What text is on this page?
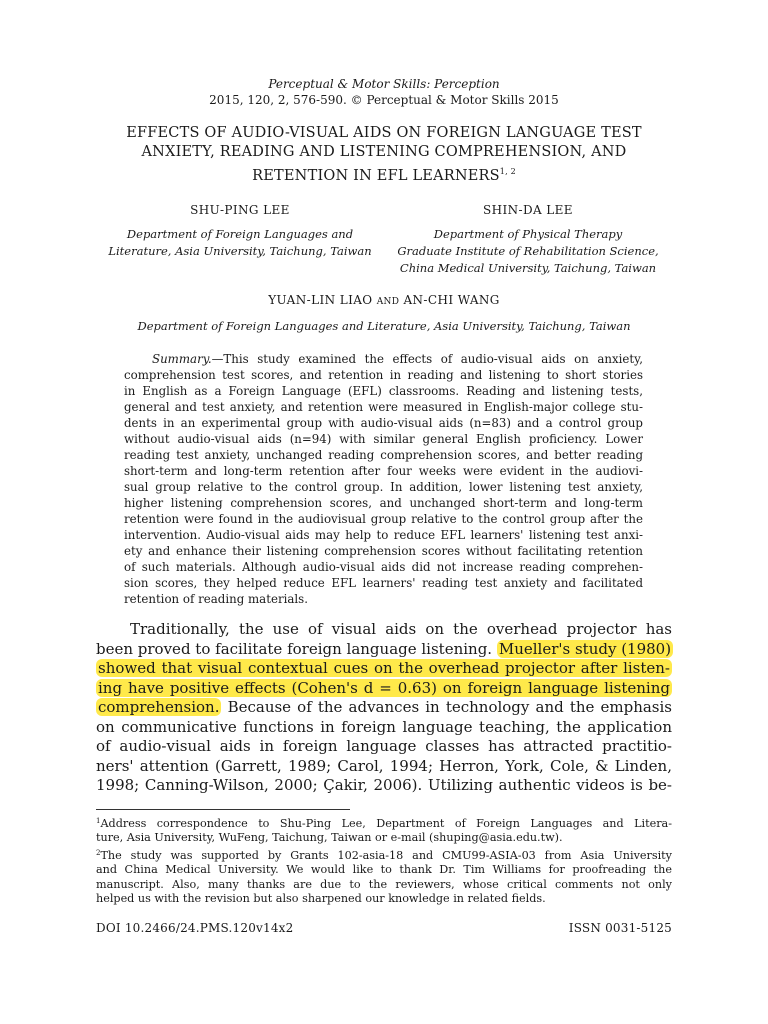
Perceptual & Motor Skills: Perception
2015, 120, 2, 576-590. © Perceptual & Motor Skills 2015
EFFECTS OF AUDIO-VISUAL AIDS ON FOREIGN LANGUAGE TEST
ANXIETY, READING AND LISTENING COMPREHENSION, AND
RETENTION IN EFL LEARNERS$^{1, 2}$
SHU-PING LEE
Department of Foreign Languages and
Literature, Asia University, Taichung, Taiwan
SHIN-DA LEE
Department of Physical Therapy
Graduate Institute of Rehabilitation Science,
China Medical University, Taichung, Taiwan
YUAN-LIN LIAO AND AN-CHI WANG
Department of Foreign Languages and Literature, Asia University, Taichung, Taiwan
Summary.—This study examined the effects of audio-visual aids on anxiety,
comprehension test scores, and retention in reading and listening to short stories
in English as a Foreign Language (EFL) classrooms. Reading and listening tests,
general and test anxiety, and retention were measured in English-major college stu-
dents in an experimental group with audio-visual aids (n=83) and a control group
without audio-visual aids (n=94) with similar general English proficiency. Lower
reading test anxiety, unchanged reading comprehension scores, and better reading
short-term and long-term retention after four weeks were evident in the audiovi-
sual group relative to the control group. In addition, lower listening test anxiety,
higher listening comprehension scores, and unchanged short-term and long-term
retention were found in the audiovisual group relative to the control group after the
intervention. Audio-visual aids may help to reduce EFL learners' listening test anxi-
ety and enhance their listening comprehension scores without facilitating retention
of such materials. Although audio-visual aids did not increase reading comprehen-
sion scores, they helped reduce EFL learners' reading test anxiety and facilitated
retention of reading materials.
Traditionally, the use of visual aids on the overhead projector has
been proved to facilitate foreign language listening. Mueller's study (1980)
showed that visual contextual cues on the overhead projector after listen-
ing have positive effects (Cohen's d = 0.63) on foreign language listening
comprehension. Because of the advances in technology and the emphasis
on communicative functions in foreign language teaching, the application
of audio-visual aids in foreign language classes has attracted practitio-
ners' attention (Garrett, 1989; Carol, 1994; Herron, York, Cole, & Linden,
1998; Canning-Wilson, 2000; Çakir, 2006). Utilizing authentic videos is be-
$^1$Address correspondence to Shu-Ping Lee, Department of Foreign Languages and Litera-
ture, Asia University, WuFeng, Taichung, Taiwan or e-mail (shuping@asia.edu.tw).
$^2$The study was supported by Grants 102-asia-18 and CMU99-ASIA-03 from Asia University
and China Medical University. We would like to thank Dr. Tim Williams for proofreading the
manuscript. Also, many thanks are due to the reviewers, whose critical comments not only
helped us with the revision but also sharpened our knowledge in related fields.
DOI 10.2466/24.PMS.120v14x2	ISSN 0031-5125
